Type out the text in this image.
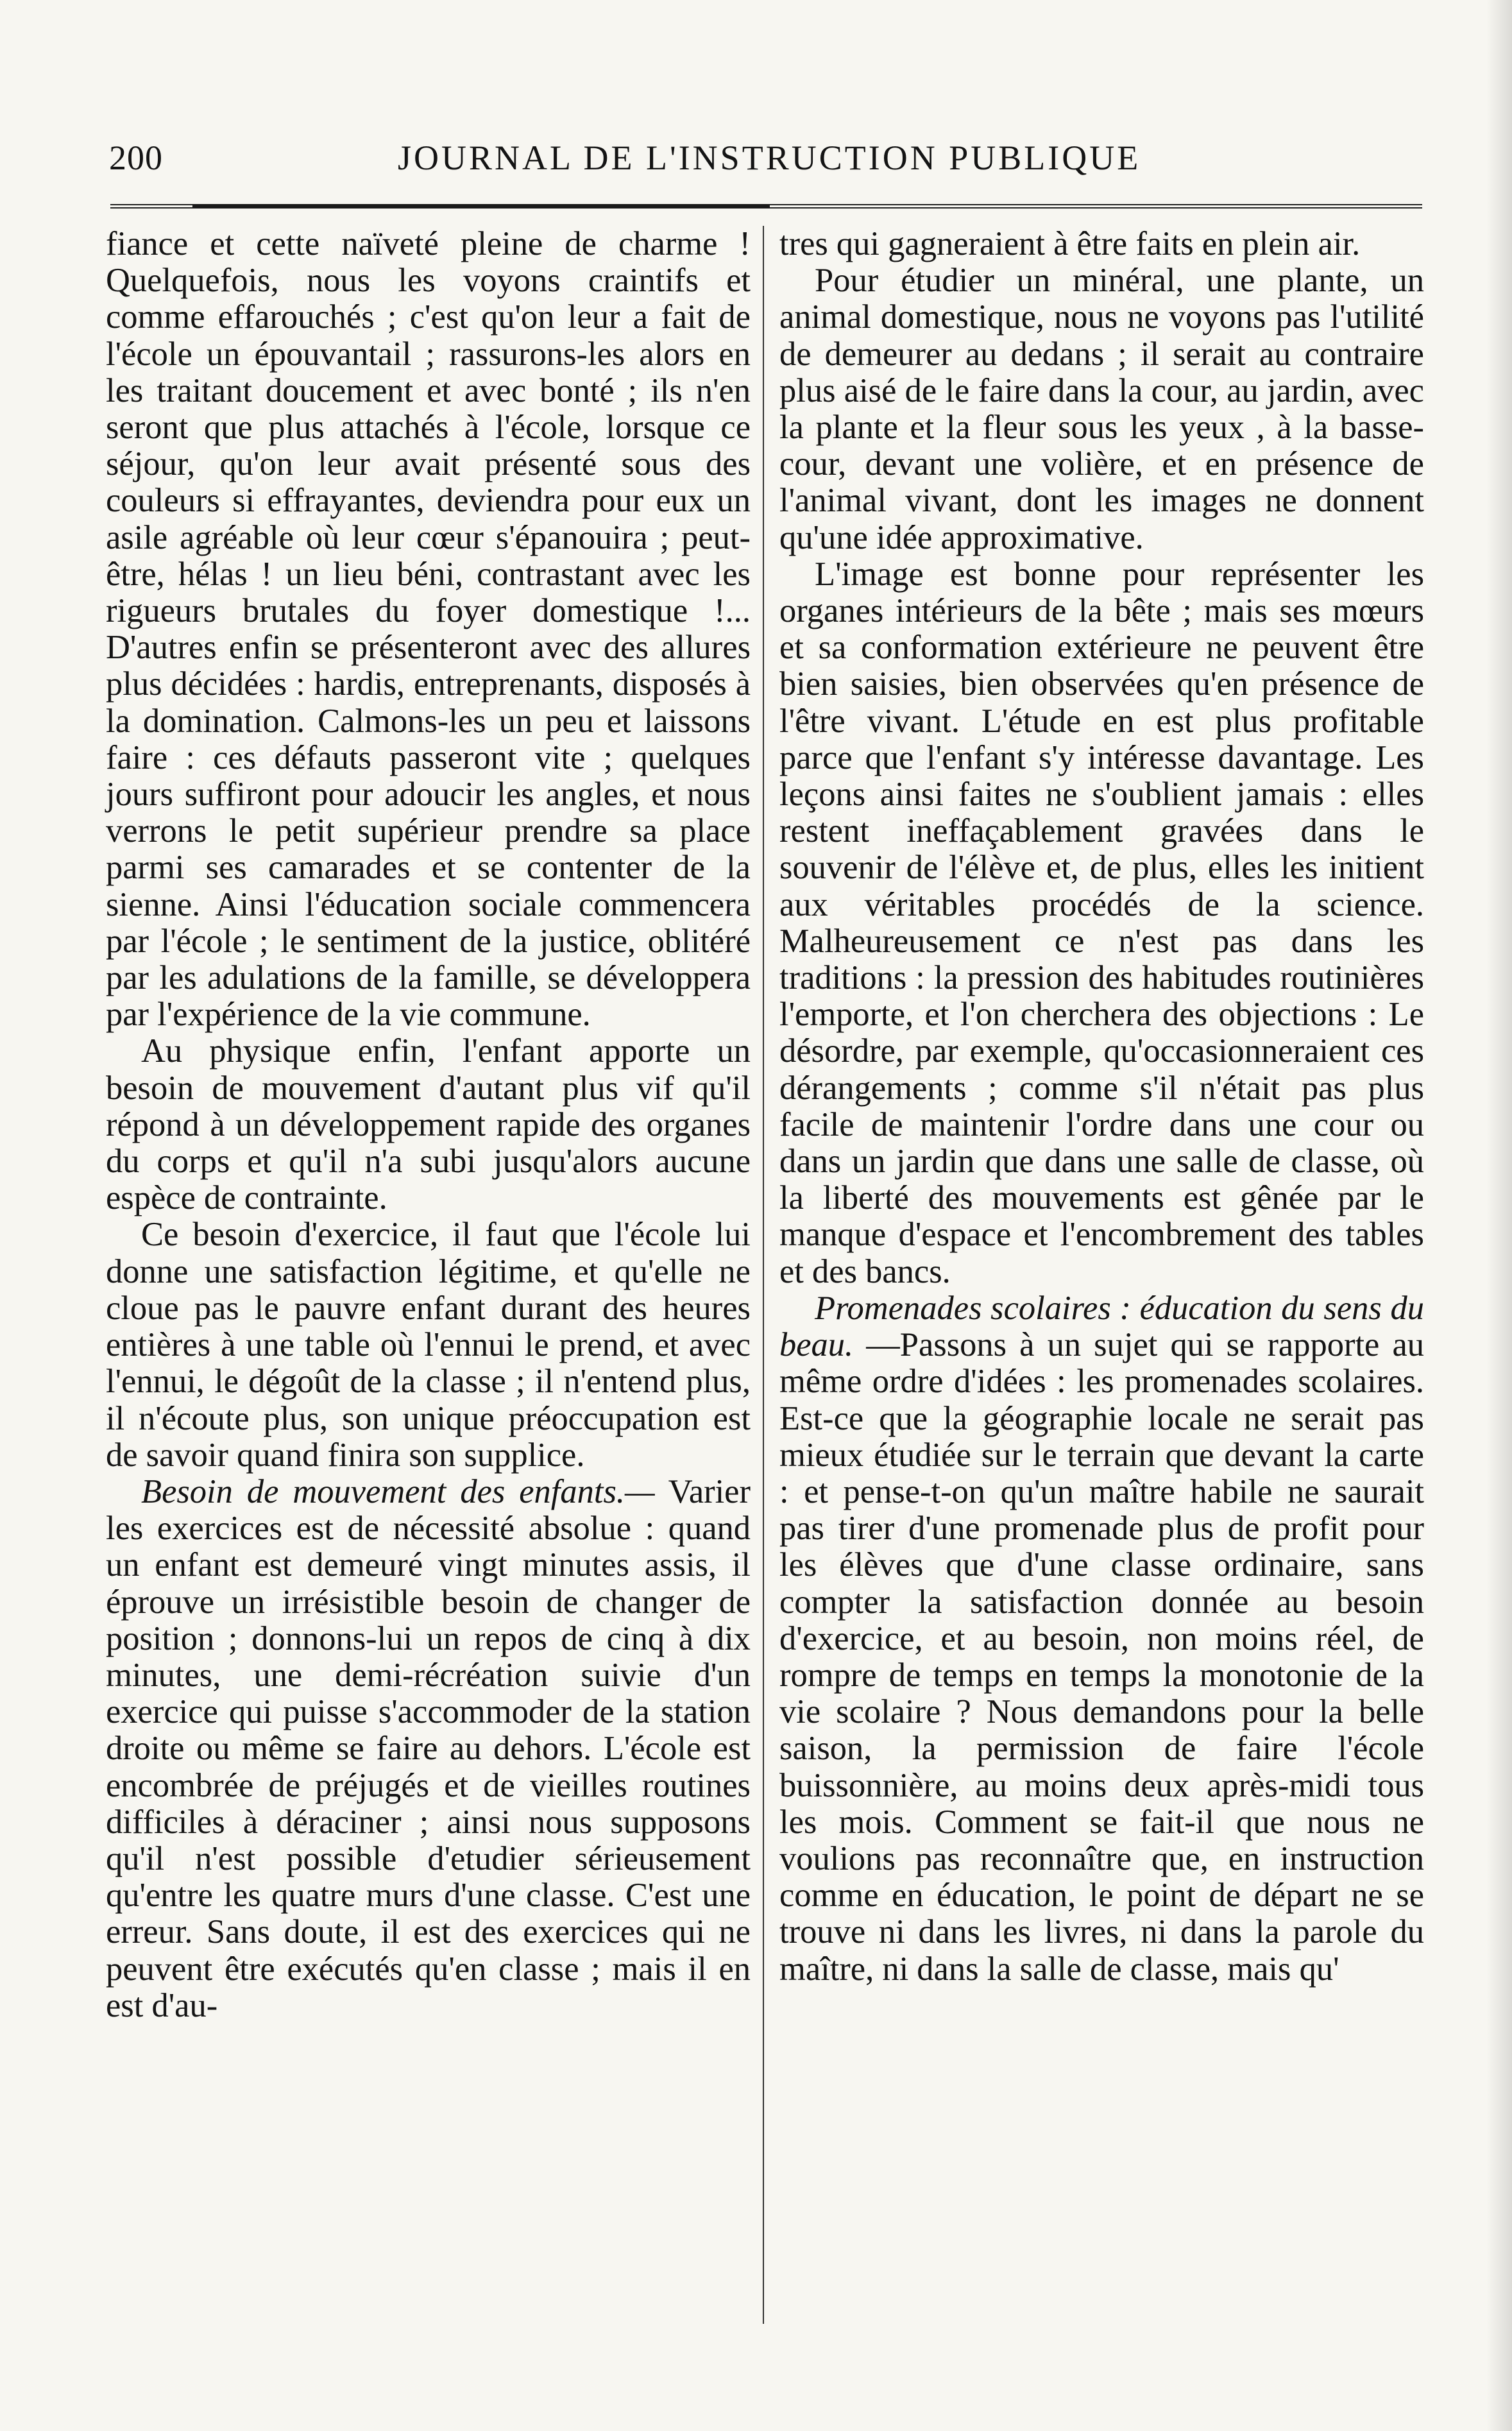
200	JOURNAL DE L'INSTRUCTION PUBLIQUE

fiance et cette naïveté pleine de charme ! Quelquefois, nous les voyons craintifs et comme effarouchés ; c'est qu'on leur a fait de l'école un épouvantail ; rassurons-les alors en les traitant doucement et avec bonté ; ils n'en seront que plus attachés à l'école, lorsque ce séjour, qu'on leur avait présenté sous des couleurs si effrayantes, deviendra pour eux un asile agréable où leur cœur s'épanouira ; peut-être, hélas ! un lieu béni, contrastant avec les rigueurs brutales du foyer domestique !... D'autres enfin se présenteront avec des allures plus décidées : hardis, entreprenants, disposés à la domination. Calmons-les un peu et laissons faire : ces défauts passeront vite ; quelques jours suffiront pour adoucir les angles, et nous verrons le petit supérieur prendre sa place parmi ses camarades et se contenter de la sienne. Ainsi l'éducation sociale commencera par l'école ; le sentiment de la justice, oblitéré par les adulations de la famille, se développera par l'expérience de la vie commune.

Au physique enfin, l'enfant apporte un besoin de mouvement d'autant plus vif qu'il répond à un développement rapide des organes du corps et qu'il n'a subi jusqu'alors aucune espèce de contrainte.

Ce besoin d'exercice, il faut que l'école lui donne une satisfaction légitime, et qu'elle ne cloue pas le pauvre enfant durant des heures entières à une table où l'ennui le prend, et avec l'ennui, le dégoût de la classe ; il n'entend plus, il n'écoute plus, son unique préoccupation est de savoir quand finira son supplice.

Besoin de mouvement des enfants.— Varier les exercices est de nécessité absolue : quand un enfant est demeuré vingt minutes assis, il éprouve un irrésistible besoin de changer de position ; donnons-lui un repos de cinq à dix minutes, une demi-récréation suivie d'un exercice qui puisse s'accommoder de la station droite ou même se faire au dehors. L'école est encombrée de préjugés et de vieilles routines difficiles à déraciner ; ainsi nous supposons qu'il n'est possible d'etudier sérieusement qu'entre les quatre murs d'une classe. C'est une erreur. Sans doute, il est des exercices qui ne peuvent être exécutés qu'en classe ; mais il en est d'au-

tres qui gagneraient à être faits en plein air.

Pour étudier un minéral, une plante, un animal domestique, nous ne voyons pas l'utilité de demeurer au dedans ; il serait au contraire plus aisé de le faire dans la cour, au jardin, avec la plante et la fleur sous les yeux , à la basse-cour, devant une volière, et en présence de l'animal vivant, dont les images ne donnent qu'une idée approximative.

L'image est bonne pour représenter les organes intérieurs de la bête ; mais ses mœurs et sa conformation extérieure ne peuvent être bien saisies, bien observées qu'en présence de l'être vivant. L'étude en est plus profitable parce que l'enfant s'y intéresse davantage. Les leçons ainsi faites ne s'oublient jamais : elles restent ineffaçablement gravées dans le souvenir de l'élève et, de plus, elles les initient aux véritables procédés de la science. Malheureusement ce n'est pas dans les traditions : la pression des habitudes routinières l'emporte, et l'on cherchera des objections : Le désordre, par exemple, qu'occasionneraient ces dérangements ; comme s'il n'était pas plus facile de maintenir l'ordre dans une cour ou dans un jardin que dans une salle de classe, où la liberté des mouvements est gênée par le manque d'espace et l'encombrement des tables et des bancs.

Promenades scolaires : éducation du sens du beau. —Passons à un sujet qui se rapporte au même ordre d'idées : les promenades scolaires. Est-ce que la géographie locale ne serait pas mieux étudiée sur le terrain que devant la carte : et pense-t-on qu'un maître habile ne saurait pas tirer d'une promenade plus de profit pour les élèves que d'une classe ordinaire, sans compter la satisfaction donnée au besoin d'exercice, et au besoin, non moins réel, de rompre de temps en temps la monotonie de la vie scolaire ? Nous demandons pour la belle saison, la permission de faire l'école buissonnière, au moins deux après-midi tous les mois. Comment se fait-il que nous ne voulions pas reconnaître que, en instruction comme en éducation, le point de départ ne se trouve ni dans les livres, ni dans la parole du maître, ni dans la salle de classe, mais qu'
